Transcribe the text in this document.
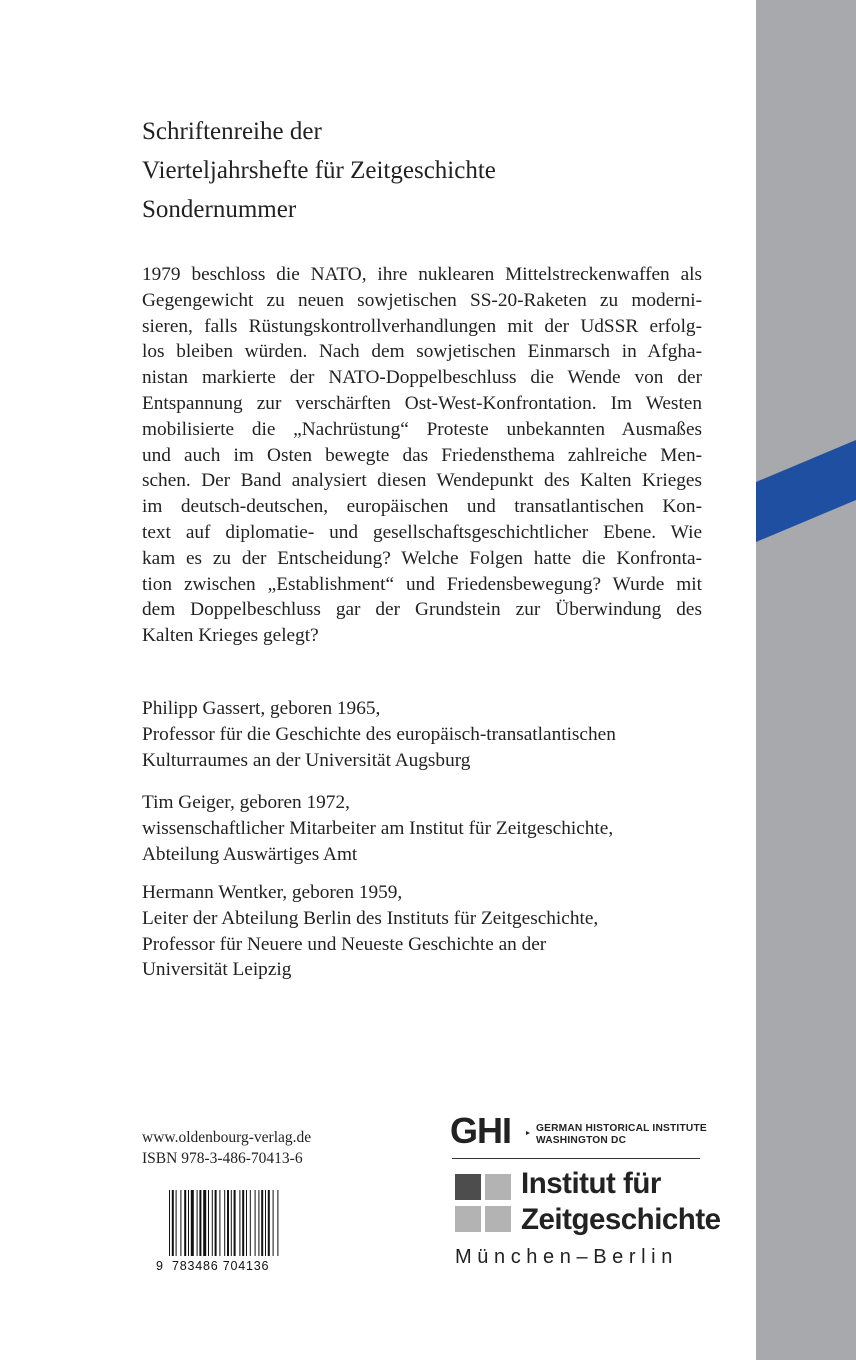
Schriftenreihe der
Vierteljahrshefte für Zeitgeschichte
Sondernummer
1979 beschloss die NATO, ihre nuklearen Mittelstreckenwaffen als
Gegengewicht zu neuen sowjetischen SS-20-Raketen zu moderni-
sieren, falls Rüstungskontrollverhandlungen mit der UdSSR erfolg-
los bleiben würden. Nach dem sowjetischen Einmarsch in Afgha-
nistan markierte der NATO-Doppelbeschluss die Wende von der
Entspannung zur verschärften Ost-West-Konfrontation. Im Westen
mobilisierte die „Nachrüstung“ Proteste unbekannten Ausmaßes
und auch im Osten bewegte das Friedensthema zahlreiche Men-
schen. Der Band analysiert diesen Wendepunkt des Kalten Krieges
im deutsch-deutschen, europäischen und transatlantischen Kon-
text auf diplomatie- und gesellschaftsgeschichtlicher Ebene. Wie
kam es zu der Entscheidung? Welche Folgen hatte die Konfronta-
tion zwischen „Establishment“ und Friedensbewegung? Wurde mit
dem Doppelbeschluss gar der Grundstein zur Überwindung des
Kalten Krieges gelegt?
Philipp Gassert, geboren 1965,
Professor für die Geschichte des europäisch-transatlantischen
Kulturraumes an der Universität Augsburg
Tim Geiger, geboren 1972,
wissenschaftlicher Mitarbeiter am Institut für Zeitgeschichte,
Abteilung Auswärtiges Amt
Hermann Wentker, geboren 1959,
Leiter der Abteilung Berlin des Instituts für Zeitgeschichte,
Professor für Neuere und Neueste Geschichte an der
Universität Leipzig
www.oldenbourg-verlag.de
ISBN 978-3-486-70413-6
9 783486 704136
GHI GERMAN HISTORICAL INSTITUTE
WASHINGTON DC
Institut für
Zeitgeschichte
München–Berlin
